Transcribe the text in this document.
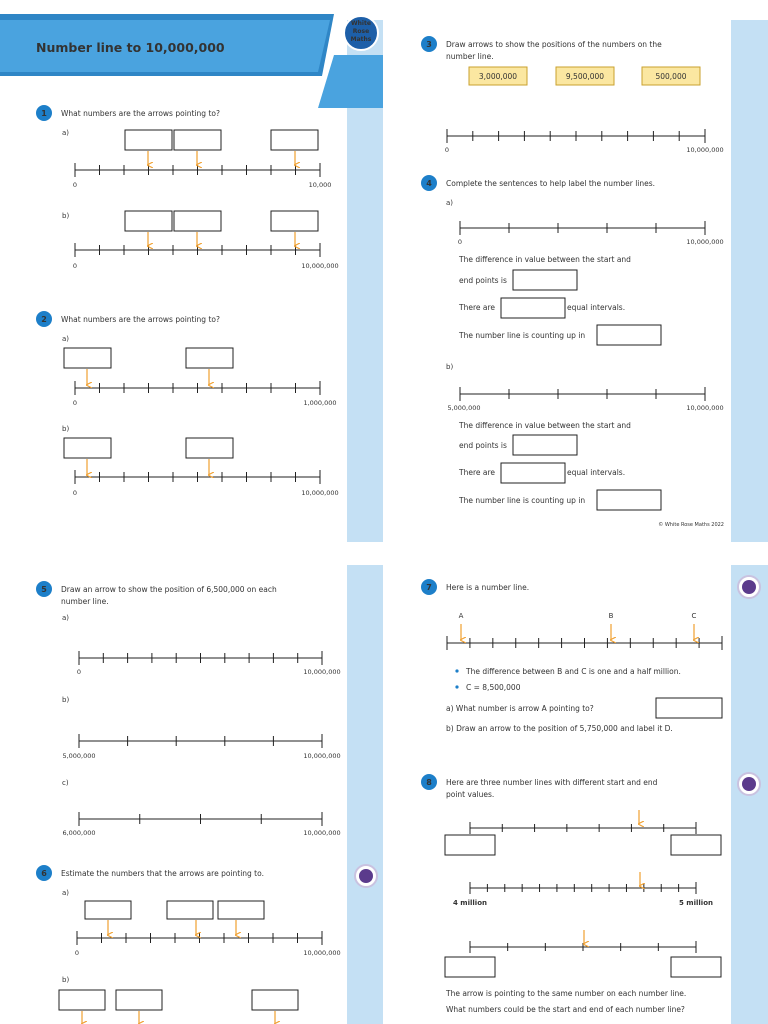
Number line to 10,000,000
White
Rose
Maths
© White Rose Maths 2022
1 What numbers are the arrows pointing to?
a)
b)
0	10,000
0	10,000,000
2 What numbers are the arrows pointing to?
a)
b)
0	1,000,000
0	10,000,000
3 Draw arrows to show the positions of the numbers on the
number line.
3,000,000	9,500,000	500,000
0	10,000,000
4 Complete the sentences to help label the number lines.
a)
0	10,000,000
The difference in value between the start and
end points is
There are	equal intervals.
The number line is counting up in
b)
5,000,000	10,000,000
The difference in value between the start and
end points is
There are	equal intervals.
The number line is counting up in
5 Draw an arrow to show the position of 6,500,000 on each
number line.
a)
0	10,000,000
b)
5,000,000	10,000,000
c)
6,000,000	10,000,000
6 Estimate the numbers that the arrows are pointing to.
a)
0	10,000,000
b)
7 Here is a number line.
A	B	C
The difference between B and C is one and a half million.
C = 8,500,000
a) What number is arrow A pointing to?
b) Draw an arrow to the position of 5,750,000 and label it D.
8 Here are three number lines with different start and end
point values.
4 million	5 million
The arrow is pointing to the same number on each number line.
What numbers could be the start and end of each number line?
